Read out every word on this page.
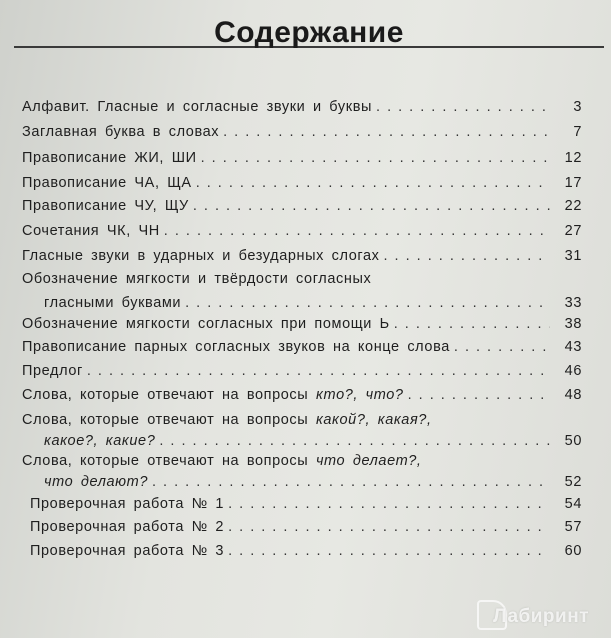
Содержание
Алфавит. Гласные и согласные звуки и буквы . . .	3
Заглавная буква в словах . . .	7
Правописание ЖИ, ШИ . . .	12
Правописание ЧА, ЩА . . .	17
Правописание ЧУ, ЩУ . . .	22
Сочетания ЧК, ЧН . . .	27
Гласные звуки в ударных и безударных слогах . . .	31
Обозначение мягкости и твёрдости согласных
гласными буквами . . .	33
Обозначение мягкости согласных при помощи Ь . . .	38
Правописание парных согласных звуков на конце слова . . .	43
Предлог . . .	46
Слова, которые отвечают на вопросы кто?, что? . . .	48
Слова, которые отвечают на вопросы какой?, какая?,
какое?, какие? . . .	50
Слова, которые отвечают на вопросы что делает?,
что делают? . . .	52
Проверочная работа № 1 . . .	54
Проверочная работа № 2 . . .	57
Проверочная работа № 3 . . .	60
Лабиринт
